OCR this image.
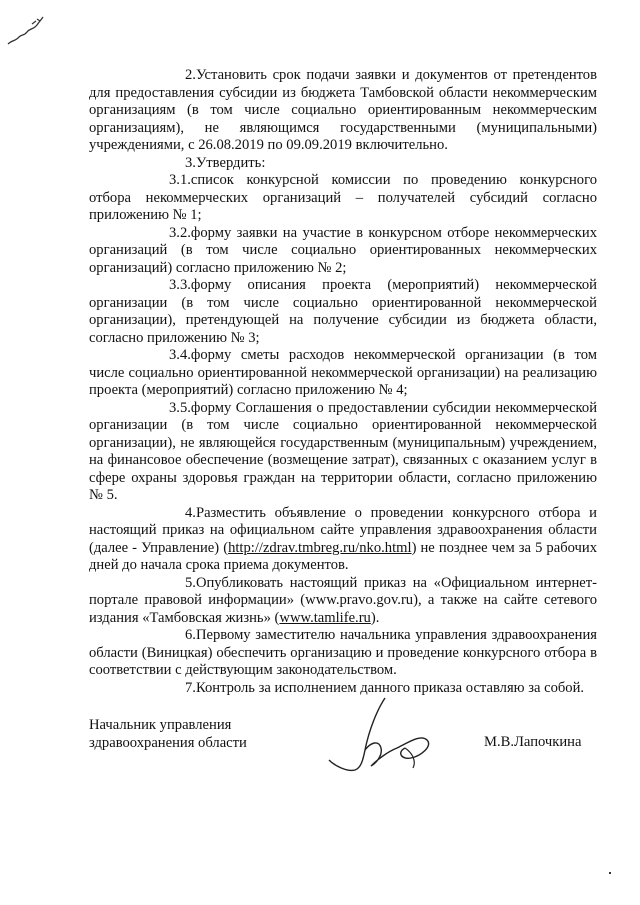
2.Установить срок подачи заявки и документов от претендентов для предоставления субсидии из бюджета Тамбовской области некоммерческим организациям (в том числе социально ориентированным некоммерческим организациям), не являющимся государственными (муниципальными) учреждениями, с 26.08.2019 по 09.09.2019 включительно.

3.Утвердить:

3.1.список конкурсной комиссии по проведению конкурсного отбора некоммерческих организаций – получателей субсидий согласно приложению № 1;

3.2.форму заявки на участие в конкурсном отборе некоммерческих организаций (в том числе социально ориентированных некоммерческих организаций) согласно приложению № 2;

3.3.форму описания проекта (мероприятий) некоммерческой организации (в том числе социально ориентированной некоммерческой организации), претендующей на получение субсидии из бюджета области, согласно приложению № 3;

3.4.форму сметы расходов некоммерческой организации (в том числе социально ориентированной некоммерческой организации) на реализацию проекта (мероприятий) согласно приложению № 4;

3.5.форму Соглашения о предоставлении субсидии некоммерческой организации (в том числе социально ориентированной некоммерческой организации), не являющейся государственным (муниципальным) учреждением, на финансовое обеспечение (возмещение затрат), связанных с оказанием услуг в сфере охраны здоровья граждан на территории области, согласно приложению № 5.

4.Разместить объявление о проведении конкурсного отбора и настоящий приказ на официальном сайте управления здравоохранения области (далее - Управление) (http://zdrav.tmbreg.ru/nko.html) не позднее чем за 5 рабочих дней до начала срока приема документов.

5.Опубликовать настоящий приказ на «Официальном интернет-портале правовой информации» (www.pravo.gov.ru), а также на сайте сетевого издания «Тамбовская жизнь» (www.tamlife.ru).

6.Первому заместителю начальника управления здравоохранения области (Виницкая) обеспечить организацию и проведение конкурсного отбора в соответствии с действующим законодательством.

7.Контроль за исполнением данного приказа оставляю за собой.

Начальник управления
здравоохранения области	М.В.Лапочкина
